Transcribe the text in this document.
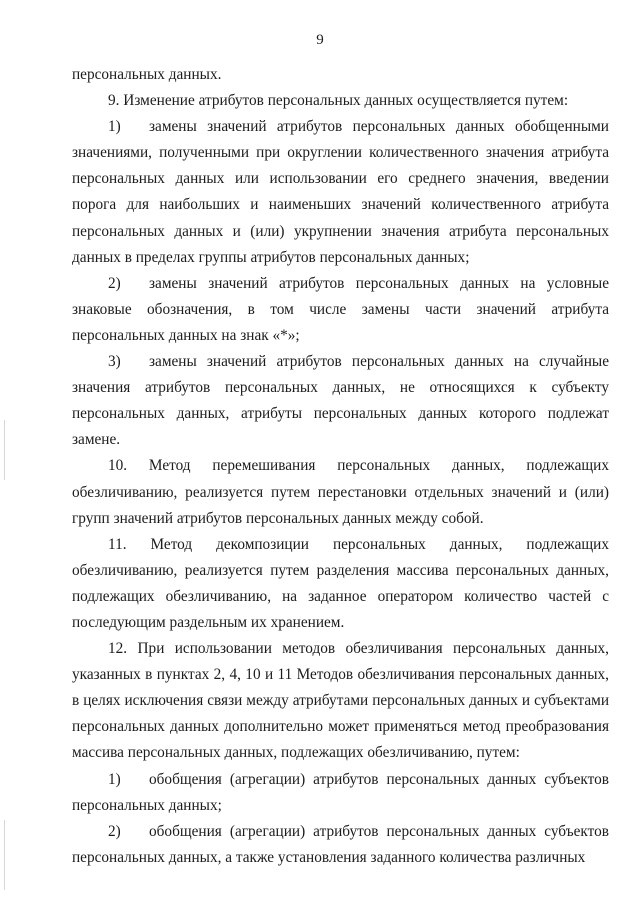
9

персональных данных.

9. Изменение атрибутов персональных данных осуществляется путем:

1) замены значений атрибутов персональных данных обобщенными значениями, полученными при округлении количественного значения атрибута персональных данных или использовании его среднего значения, введении порога для наибольших и наименьших значений количественного атрибута персональных данных и (или) укрупнении значения атрибута персональных данных в пределах группы атрибутов персональных данных;

2) замены значений атрибутов персональных данных на условные знаковые обозначения, в том числе замены части значений атрибута персональных данных на знак «*»;

3) замены значений атрибутов персональных данных на случайные значения атрибутов персональных данных, не относящихся к субъекту персональных данных, атрибуты персональных данных которого подлежат замене.

10. Метод перемешивания персональных данных, подлежащих обезличиванию, реализуется путем перестановки отдельных значений и (или) групп значений атрибутов персональных данных между собой.

11. Метод декомпозиции персональных данных, подлежащих обезличиванию, реализуется путем разделения массива персональных данных, подлежащих обезличиванию, на заданное оператором количество частей с последующим раздельным их хранением.

12. При использовании методов обезличивания персональных данных, указанных в пунктах 2, 4, 10 и 11 Методов обезличивания персональных данных, в целях исключения связи между атрибутами персональных данных и субъектами персональных данных дополнительно может применяться метод преобразования массива персональных данных, подлежащих обезличиванию, путем:

1) обобщения (агрегации) атрибутов персональных данных субъектов персональных данных;

2) обобщения (агрегации) атрибутов персональных данных субъектов персональных данных, а также установления заданного количества различных
